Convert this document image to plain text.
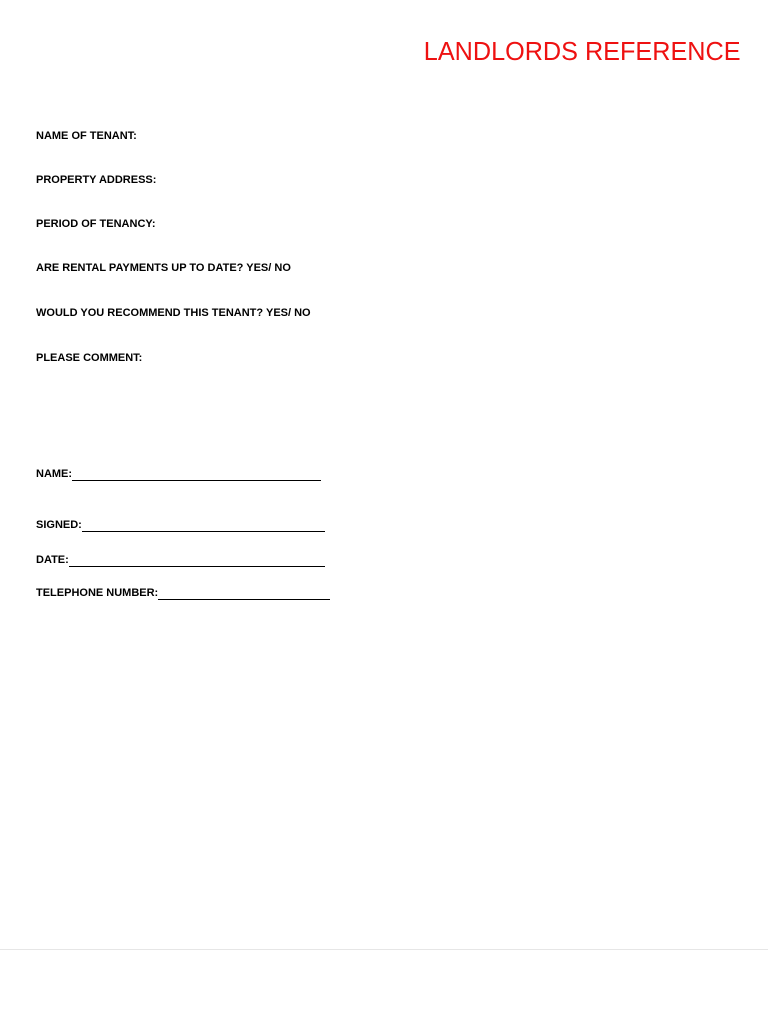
LANDLORDS REFERENCE
NAME OF TENANT:
PROPERTY ADDRESS:
PERIOD OF TENANCY:
ARE RENTAL PAYMENTS UP TO DATE? YES/ NO
WOULD YOU RECOMMEND THIS TENANT? YES/ NO
PLEASE COMMENT:
NAME:
SIGNED:
DATE:
TELEPHONE NUMBER:
